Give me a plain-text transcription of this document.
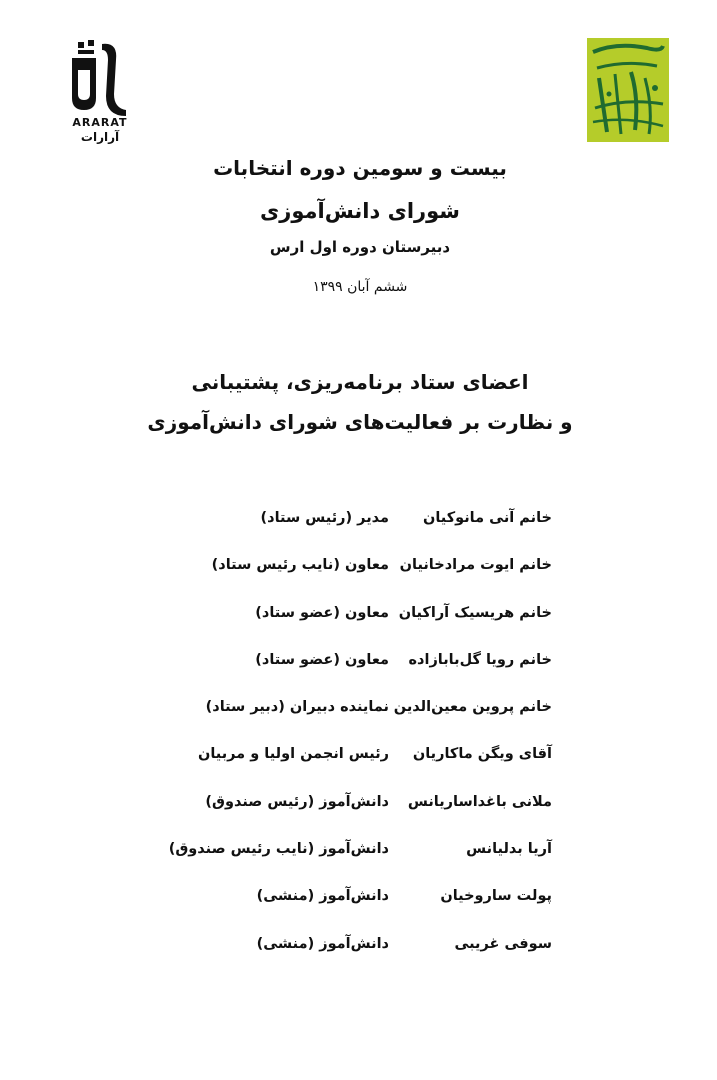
ARARAT
آرارات
بیست و سومین دوره انتخابات
شورای دانش‌آموزی
دبیرستان دوره اول ارس
ششم آبان ۱۳۹۹
اعضای ستاد برنامه‌ریزی، پشتیبانی
و نظارت بر فعالیت‌های شورای دانش‌آموزی
خانم آنی مانوکیان
مدیر (رئیس ستاد)
خانم ایوت مرادخانیان
معاون (نایب رئیس ستاد)
خانم هریسیک آراکیان
معاون (عضو ستاد)
خانم رویا گل‌بابازاده
معاون (عضو ستاد)
خانم پروین معین‌الدین
نماینده دبیران (دبیر ستاد)
آقای ویگن ماکاریان
رئیس انجمن اولیا و مربیان
ملانی باغداساریانس
دانش‌آموز (رئیس صندوق)
آریا بدلیانس
دانش‌آموز (نایب رئیس صندوق)
پولت ساروخیان
دانش‌آموز (منشی)
سوفی غریبی
دانش‌آموز (منشی)
